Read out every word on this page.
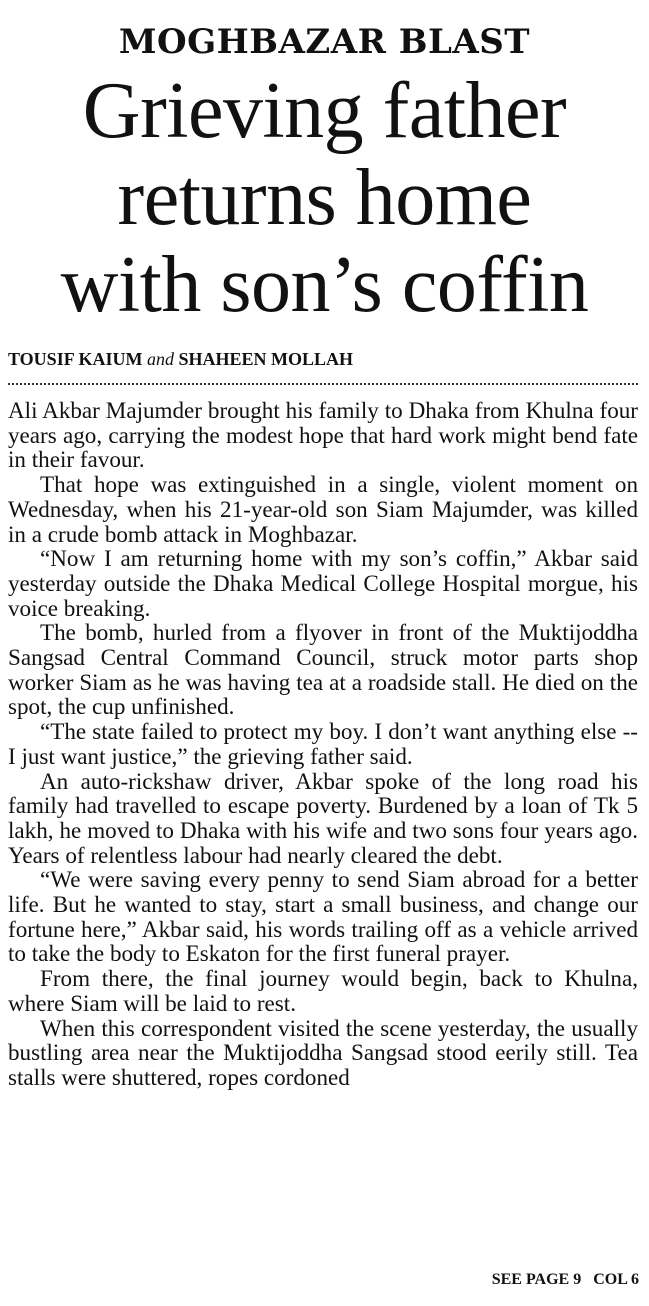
MOGHBAZAR BLAST
Grieving father
returns home
with son’s coffin
TOUSIF KAIUM and SHAHEEN MOLLAH

Ali Akbar Majumder brought his family to Dhaka from Khulna four years ago, carrying the modest hope that hard work might bend fate in their favour.

That hope was extinguished in a single, violent moment on Wednesday, when his 21-year-old son Siam Majumder, was killed in a crude bomb attack in Moghbazar.

“Now I am returning home with my son’s coffin,” Akbar said yesterday outside the Dhaka Medical College Hospital morgue, his voice breaking.

The bomb, hurled from a flyover in front of the Muktijoddha Sangsad Central Command Council, struck motor parts shop worker Siam as he was having tea at a roadside stall. He died on the spot, the cup unfinished.

“The state failed to protect my boy. I don’t want anything else -- I just want justice,” the grieving father said.

An auto-rickshaw driver, Akbar spoke of the long road his family had travelled to escape poverty. Burdened by a loan of Tk 5 lakh, he moved to Dhaka with his wife and two sons four years ago. Years of relentless labour had nearly cleared the debt.

“We were saving every penny to send Siam abroad for a better life. But he wanted to stay, start a small business, and change our fortune here,” Akbar said, his words trailing off as a vehicle arrived to take the body to Eskaton for the first funeral prayer.

From there, the final journey would begin, back to Khulna, where Siam will be laid to rest.

When this correspondent visited the scene yesterday, the usually bustling area near the Muktijoddha Sangsad stood eerily still. Tea stalls were shuttered, ropes cordoned

SEE PAGE 9 COL 6
